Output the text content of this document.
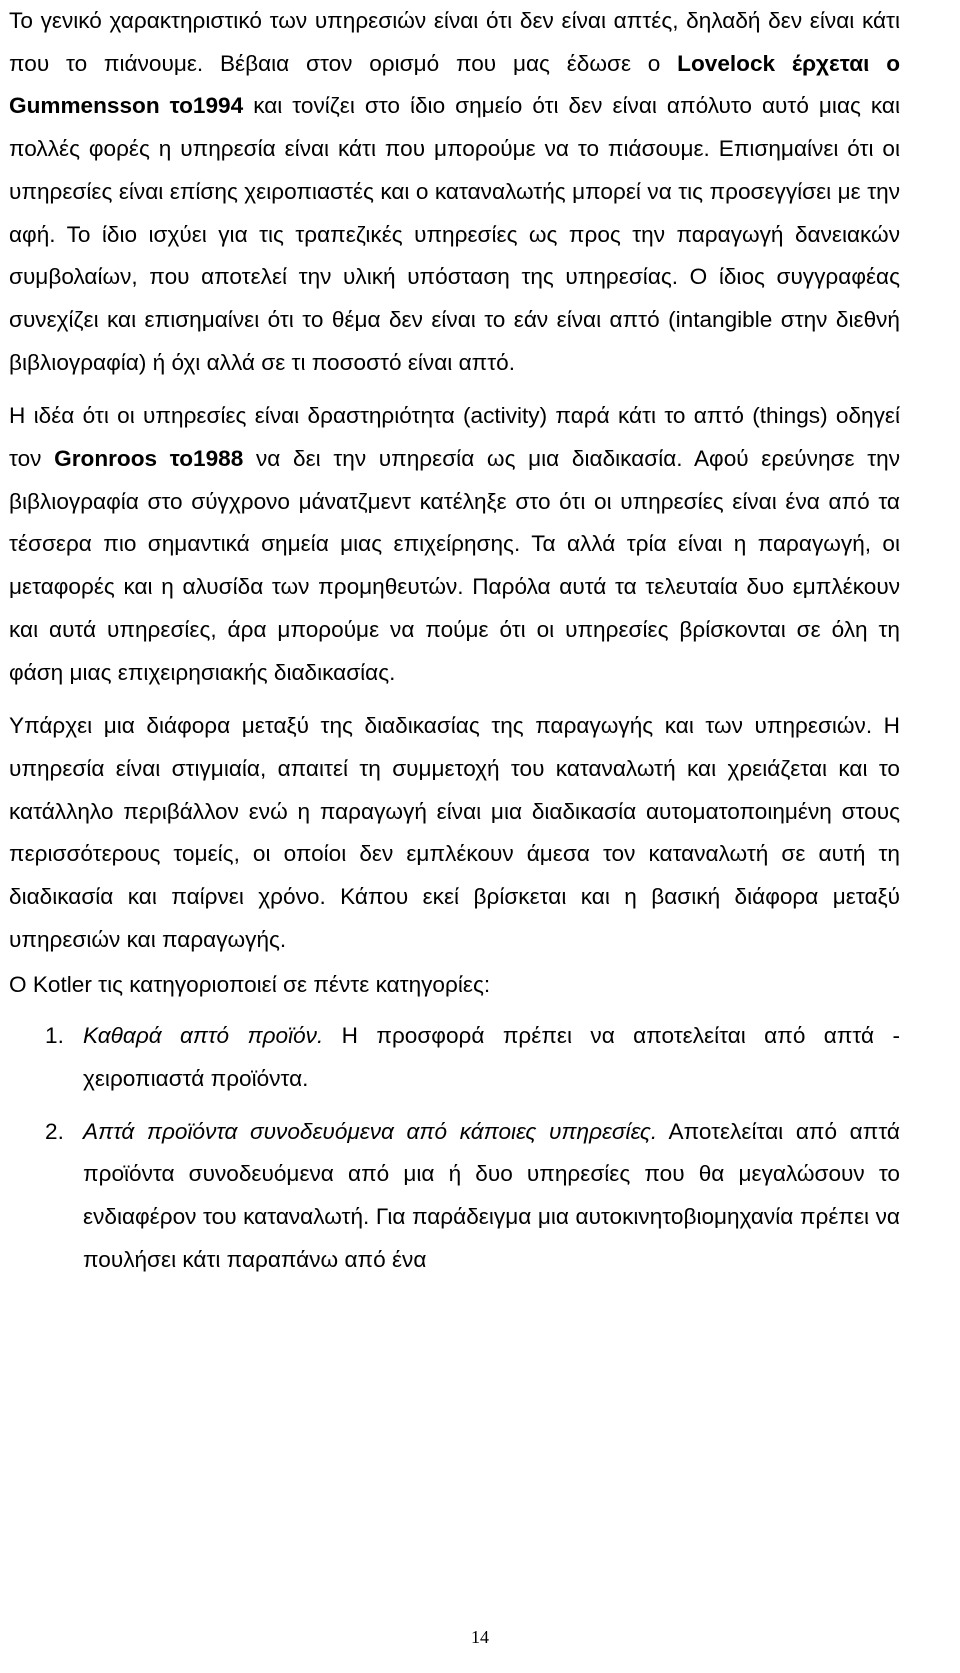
Το γενικό χαρακτηριστικό των υπηρεσιών είναι ότι δεν είναι απτές, δηλαδή δεν είναι κάτι που το πιάνουμε. Βέβαια στον ορισμό που μας έδωσε ο Lovelock έρχεται ο Gummensson το1994 και τονίζει στο ίδιο σημείο ότι δεν είναι απόλυτο αυτό μιας και πολλές φορές η υπηρεσία είναι κάτι που μπορούμε να το πιάσουμε. Επισημαίνει ότι οι υπηρεσίες είναι επίσης χειροπιαστές και ο καταναλωτής μπορεί να τις προσεγγίσει με την αφή. Το ίδιο ισχύει για τις τραπεζικές υπηρεσίες ως προς την παραγωγή δανειακών συμβολαίων, που αποτελεί την υλική υπόσταση της υπηρεσίας. Ο ίδιος συγγραφέας συνεχίζει και επισημαίνει ότι το θέμα δεν είναι το εάν είναι απτό (intangible στην διεθνή βιβλιογραφία) ή όχι αλλά σε τι ποσοστό είναι απτό.

Η ιδέα ότι οι υπηρεσίες είναι δραστηριότητα (activity) παρά κάτι το απτό (things) οδηγεί τον Gronroos το1988 να δει την υπηρεσία ως μια διαδικασία. Αφού ερεύνησε την βιβλιογραφία στο σύγχρονο μάνατζμεντ κατέληξε στο ότι οι υπηρεσίες είναι ένα από τα τέσσερα πιο σημαντικά σημεία μιας επιχείρησης. Τα αλλά τρία είναι η παραγωγή, οι μεταφορές και η αλυσίδα των προμηθευτών. Παρόλα αυτά τα τελευταία δυο εμπλέκουν και αυτά υπηρεσίες, άρα μπορούμε να πούμε ότι οι υπηρεσίες βρίσκονται σε όλη τη φάση μιας επιχειρησιακής διαδικασίας.

Υπάρχει μια διάφορα μεταξύ της διαδικασίας της παραγωγής και των υπηρεσιών. Η υπηρεσία είναι στιγμιαία, απαιτεί τη συμμετοχή του καταναλωτή και χρειάζεται και το κατάλληλο περιβάλλον ενώ η παραγωγή είναι μια διαδικασία αυτοματοποιημένη στους περισσότερους τομείς, οι οποίοι δεν εμπλέκουν άμεσα τον καταναλωτή σε αυτή τη διαδικασία και παίρνει χρόνο. Κάπου εκεί βρίσκεται και η βασική διάφορα μεταξύ υπηρεσιών και παραγωγής.

Ο Kotler τις κατηγοριοποιεί σε πέντε κατηγορίες:

1. Καθαρά απτό προϊόν. Η προσφορά πρέπει να αποτελείται από απτά - χειροπιαστά προϊόντα.
2. Απτά προϊόντα συνοδευόμενα από κάποιες υπηρεσίες. Αποτελείται από απτά προϊόντα συνοδευόμενα από μια ή δυο υπηρεσίες που θα μεγαλώσουν το ενδιαφέρον του καταναλωτή. Για παράδειγμα μια αυτοκινητοβιομηχανία πρέπει να πουλήσει κάτι παραπάνω από ένα
14
